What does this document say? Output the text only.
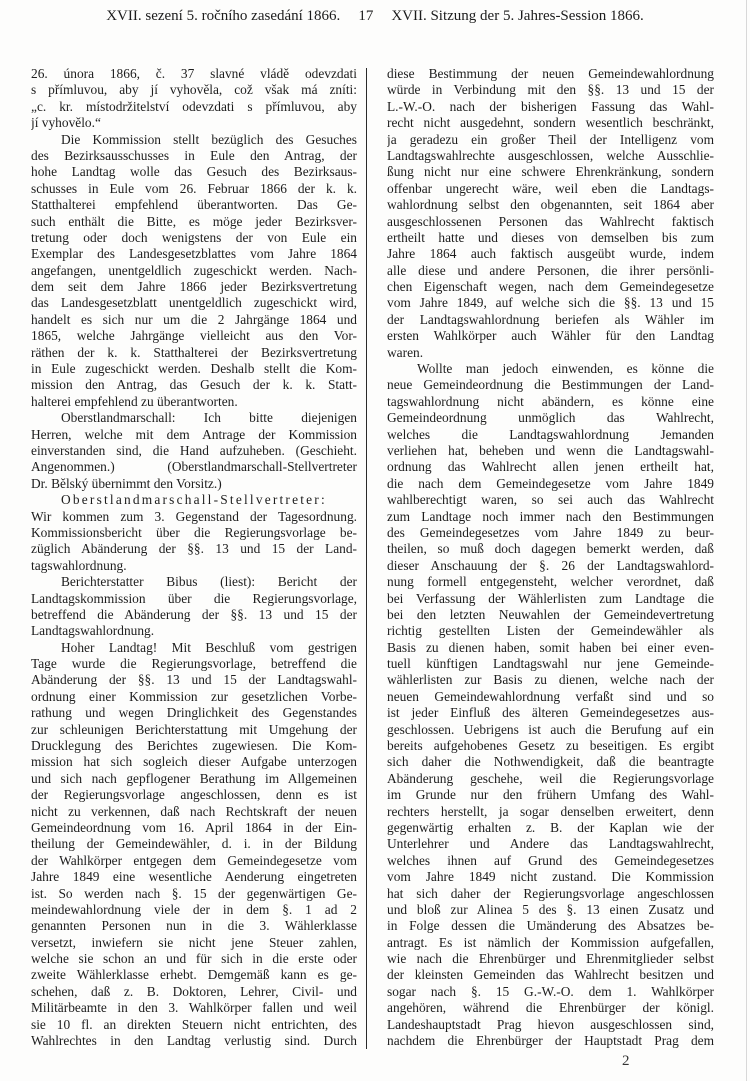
XVII. sezení 5. ročního zasedání 1866. 17 XVII. Sitzung der 5. Jahres-Session 1866.
26. února 1866, č. 37 slavné vládě odevzdati
s přímluvou, aby jí vyhověla, což však má zníti:
„c. kr. místodržitelství odevzdati s přímluvou, aby
jí vyhovělo.“
Die Kommission stellt bezüglich des Gesuches
des Bezirksausschusses in Eule den Antrag, der
hohe Landtag wolle das Gesuch des Bezirksaus-
schusses in Eule vom 26. Februar 1866 der k. k.
Statthalterei empfehlend überantworten. Das Ge-
such enthält die Bitte, es möge jeder Bezirksver-
tretung oder doch wenigstens der von Eule ein
Exemplar des Landesgesetzblattes vom Jahre 1864
angefangen, unentgeldlich zugeschickt werden. Nach-
dem seit dem Jahre 1866 jeder Bezirksvertretung
das Landesgesetzblatt unentgeldlich zugeschickt wird,
handelt es sich nur um die 2 Jahrgänge 1864 und
1865, welche Jahrgänge vielleicht aus den Vor-
räthen der k. k. Statthalterei der Bezirksvertretung
in Eule zugeschickt werden. Deshalb stellt die Kom-
mission den Antrag, das Gesuch der k. k. Statt-
halterei empfehlend zu überantworten.
Oberstlandmarschall: Ich bitte diejenigen
Herren, welche mit dem Antrage der Kommission
einverstanden sind, die Hand aufzuheben. (Geschieht.
Angenommen.) (Oberstlandmarschall-Stellvertreter
Dr. Bělský übernimmt den Vorsitz.)
Oberstlandmarschall-Stellvertreter:
Wir kommen zum 3. Gegenstand der Tagesordnung.
Kommissionsbericht über die Regierungsvorlage be-
züglich Abänderung der §§. 13 und 15 der Land-
tagswahlordnung.
Berichterstatter Bibus (liest): Bericht der
Landtagskommission über die Regierungsvorlage,
betreffend die Abänderung der §§. 13 und 15 der
Landtagswahlordnung.
Hoher Landtag! Mit Beschluß vom gestrigen
Tage wurde die Regierungsvorlage, betreffend die
Abänderung der §§. 13 und 15 der Landtagswahl-
ordnung einer Kommission zur gesetzlichen Vorbe-
rathung und wegen Dringlichkeit des Gegenstandes
zur schleunigen Berichterstattung mit Umgehung der
Drucklegung des Berichtes zugewiesen. Die Kom-
mission hat sich sogleich dieser Aufgabe unterzogen
und sich nach gepflogener Berathung im Allgemeinen
der Regierungsvorlage angeschlossen, denn es ist
nicht zu verkennen, daß nach Rechtskraft der neuen
Gemeindeordnung vom 16. April 1864 in der Ein-
theilung der Gemeindewähler, d. i. in der Bildung
der Wahlkörper entgegen dem Gemeindegesetze vom
Jahre 1849 eine wesentliche Aenderung eingetreten
ist. So werden nach §. 15 der gegenwärtigen Ge-
meindewahlordnung viele der in dem §. 1 ad 2
genannten Personen nun in die 3. Wählerklasse
versetzt, inwiefern sie nicht jene Steuer zahlen,
welche sie schon an und für sich in die erste oder
zweite Wählerklasse erhebt. Demgemäß kann es ge-
schehen, daß z. B. Doktoren, Lehrer, Civil- und
Militärbeamte in den 3. Wahlkörper fallen und weil
sie 10 fl. an direkten Steuern nicht entrichten, des
Wahlrechtes in den Landtag verlustig sind. Durch
diese Bestimmung der neuen Gemeindewahlordnung
würde in Verbindung mit den §§. 13 und 15 der
L.-W.-O. nach der bisherigen Fassung das Wahl-
recht nicht ausgedehnt, sondern wesentlich beschränkt,
ja geradezu ein großer Theil der Intelligenz vom
Landtagswahlrechte ausgeschlossen, welche Ausschlie-
ßung nicht nur eine schwere Ehrenkränkung, sondern
offenbar ungerecht wäre, weil eben die Landtags-
wahlordnung selbst den obgenannten, seit 1864 aber
ausgeschlossenen Personen das Wahlrecht faktisch
ertheilt hatte und dieses von demselben bis zum
Jahre 1864 auch faktisch ausgeübt wurde, indem
alle diese und andere Personen, die ihrer persönli-
chen Eigenschaft wegen, nach dem Gemeindegesetze
vom Jahre 1849, auf welche sich die §§. 13 und 15
der Landtagswahlordnung beriefen als Wähler im
ersten Wahlkörper auch Wähler für den Landtag
waren.
Wollte man jedoch einwenden, es könne die
neue Gemeindeordnung die Bestimmungen der Land-
tagswahlordnung nicht abändern, es könne eine
Gemeindeordnung unmöglich das Wahlrecht,
welches die Landtagswahlordnung Jemanden
verliehen hat, beheben und wenn die Landtagswahl-
ordnung das Wahlrecht allen jenen ertheilt hat,
die nach dem Gemeindegesetze vom Jahre 1849
wahlberechtigt waren, so sei auch das Wahlrecht
zum Landtage noch immer nach den Bestimmungen
des Gemeindegesetzes vom Jahre 1849 zu beur-
theilen, so muß doch dagegen bemerkt werden, daß
dieser Anschauung der §. 26 der Landtagswahlord-
nung formell entgegensteht, welcher verordnet, daß
bei Verfassung der Wählerlisten zum Landtage die
bei den letzten Neuwahlen der Gemeindevertretung
richtig gestellten Listen der Gemeindewähler als
Basis zu dienen haben, somit haben bei einer even-
tuell künftigen Landtagswahl nur jene Gemeinde-
wählerlisten zur Basis zu dienen, welche nach der
neuen Gemeindewahlordnung verfaßt sind und so
ist jeder Einfluß des älteren Gemeindegesetzes aus-
geschlossen. Uebrigens ist auch die Berufung auf ein
bereits aufgehobenes Gesetz zu beseitigen. Es ergibt
sich daher die Nothwendigkeit, daß die beantragte
Abänderung geschehe, weil die Regierungsvorlage
im Grunde nur den frühern Umfang des Wahl-
rechters herstellt, ja sogar denselben erweitert, denn
gegenwärtig erhalten z. B. der Kaplan wie der
Unterlehrer und Andere das Landtagswahlrecht,
welches ihnen auf Grund des Gemeindegesetzes
vom Jahre 1849 nicht zustand. Die Kommission
hat sich daher der Regierungsvorlage angeschlossen
und bloß zur Alinea 5 des §. 13 einen Zusatz und
in Folge dessen die Umänderung des Absatzes be-
antragt. Es ist nämlich der Kommission aufgefallen,
wie nach die Ehrenbürger und Ehrenmitglieder selbst
der kleinsten Gemeinden das Wahlrecht besitzen und
sogar nach §. 15 G.-W.-O. dem 1. Wahlkörper
angehören, während die Ehrenbürger der königl.
Landeshauptstadt Prag hievon ausgeschlossen sind,
nachdem die Ehrenbürger der Hauptstadt Prag dem
2
